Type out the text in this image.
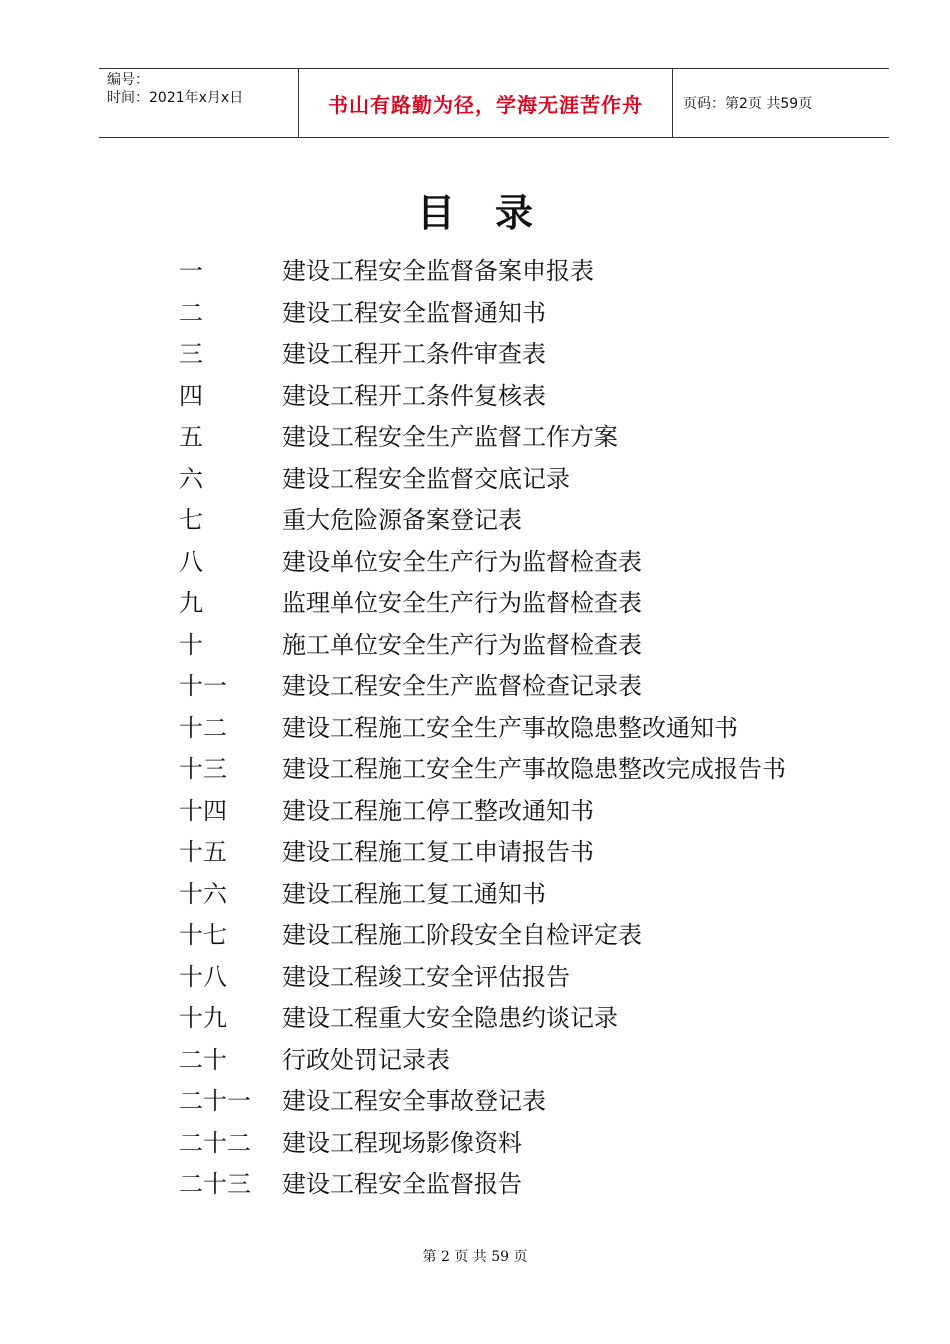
编号：
时间：2021年x月x日	书山有路勤为径，学海无涯苦作舟	页码：第2页 共59页
目录
一	建设工程安全监督备案申报表
二	建设工程安全监督通知书
三	建设工程开工条件审查表
四	建设工程开工条件复核表
五	建设工程安全生产监督工作方案
六	建设工程安全监督交底记录
七	重大危险源备案登记表
八	建设单位安全生产行为监督检查表
九	监理单位安全生产行为监督检查表
十	施工单位安全生产行为监督检查表
十一	建设工程安全生产监督检查记录表
十二	建设工程施工安全生产事故隐患整改通知书
十三	建设工程施工安全生产事故隐患整改完成报告书
十四	建设工程施工停工整改通知书
十五	建设工程施工复工申请报告书
十六	建设工程施工复工通知书
十七	建设工程施工阶段安全自检评定表
十八	建设工程竣工安全评估报告
十九	建设工程重大安全隐患约谈记录
二十	行政处罚记录表
二十一	建设工程安全事故登记表
二十二	建设工程现场影像资料
二十三	建设工程安全监督报告
第 2 页 共 59 页
